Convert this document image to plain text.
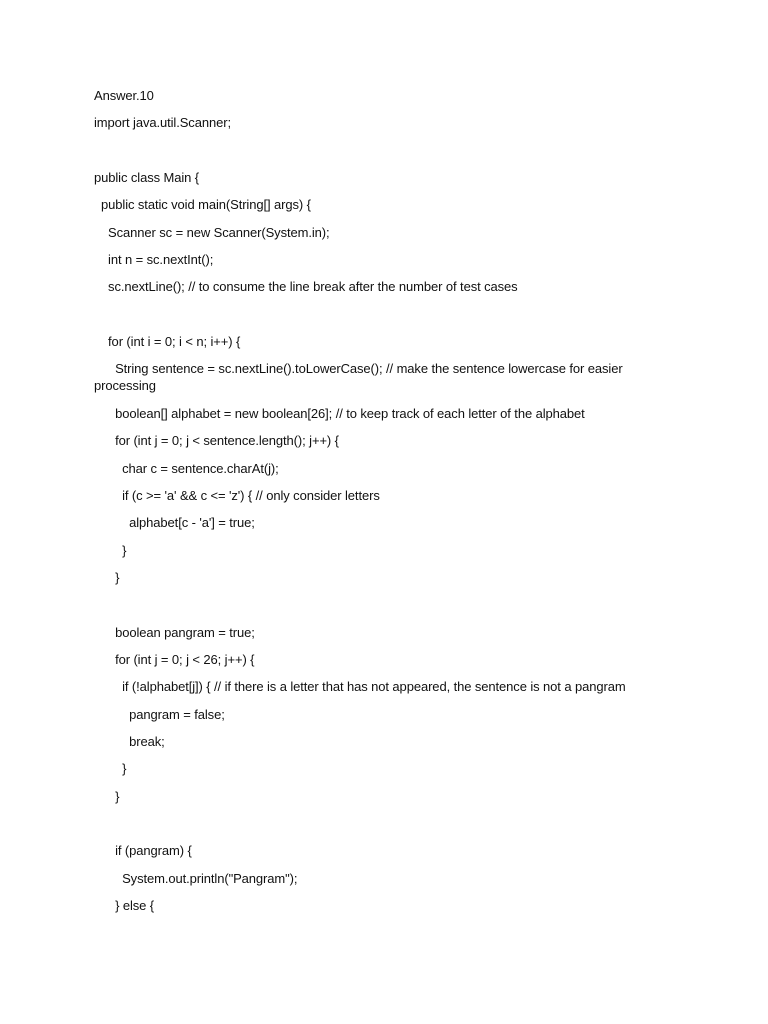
Answer.10
import java.util.Scanner;
public class Main {
public static void main(String[] args) {
Scanner sc = new Scanner(System.in);
int n = sc.nextInt();
sc.nextLine(); // to consume the line break after the number of test cases
for (int i = 0; i < n; i++) {
String sentence = sc.nextLine().toLowerCase(); // make the sentence lowercase for easier
processing
boolean[] alphabet = new boolean[26]; // to keep track of each letter of the alphabet
for (int j = 0; j < sentence.length(); j++) {
char c = sentence.charAt(j);
if (c >= 'a' && c <= 'z') { // only consider letters
alphabet[c - 'a'] = true;
}
}
boolean pangram = true;
for (int j = 0; j < 26; j++) {
if (!alphabet[j]) { // if there is a letter that has not appeared, the sentence is not a pangram
pangram = false;
break;
}
}
if (pangram) {
System.out.println("Pangram");
} else {
